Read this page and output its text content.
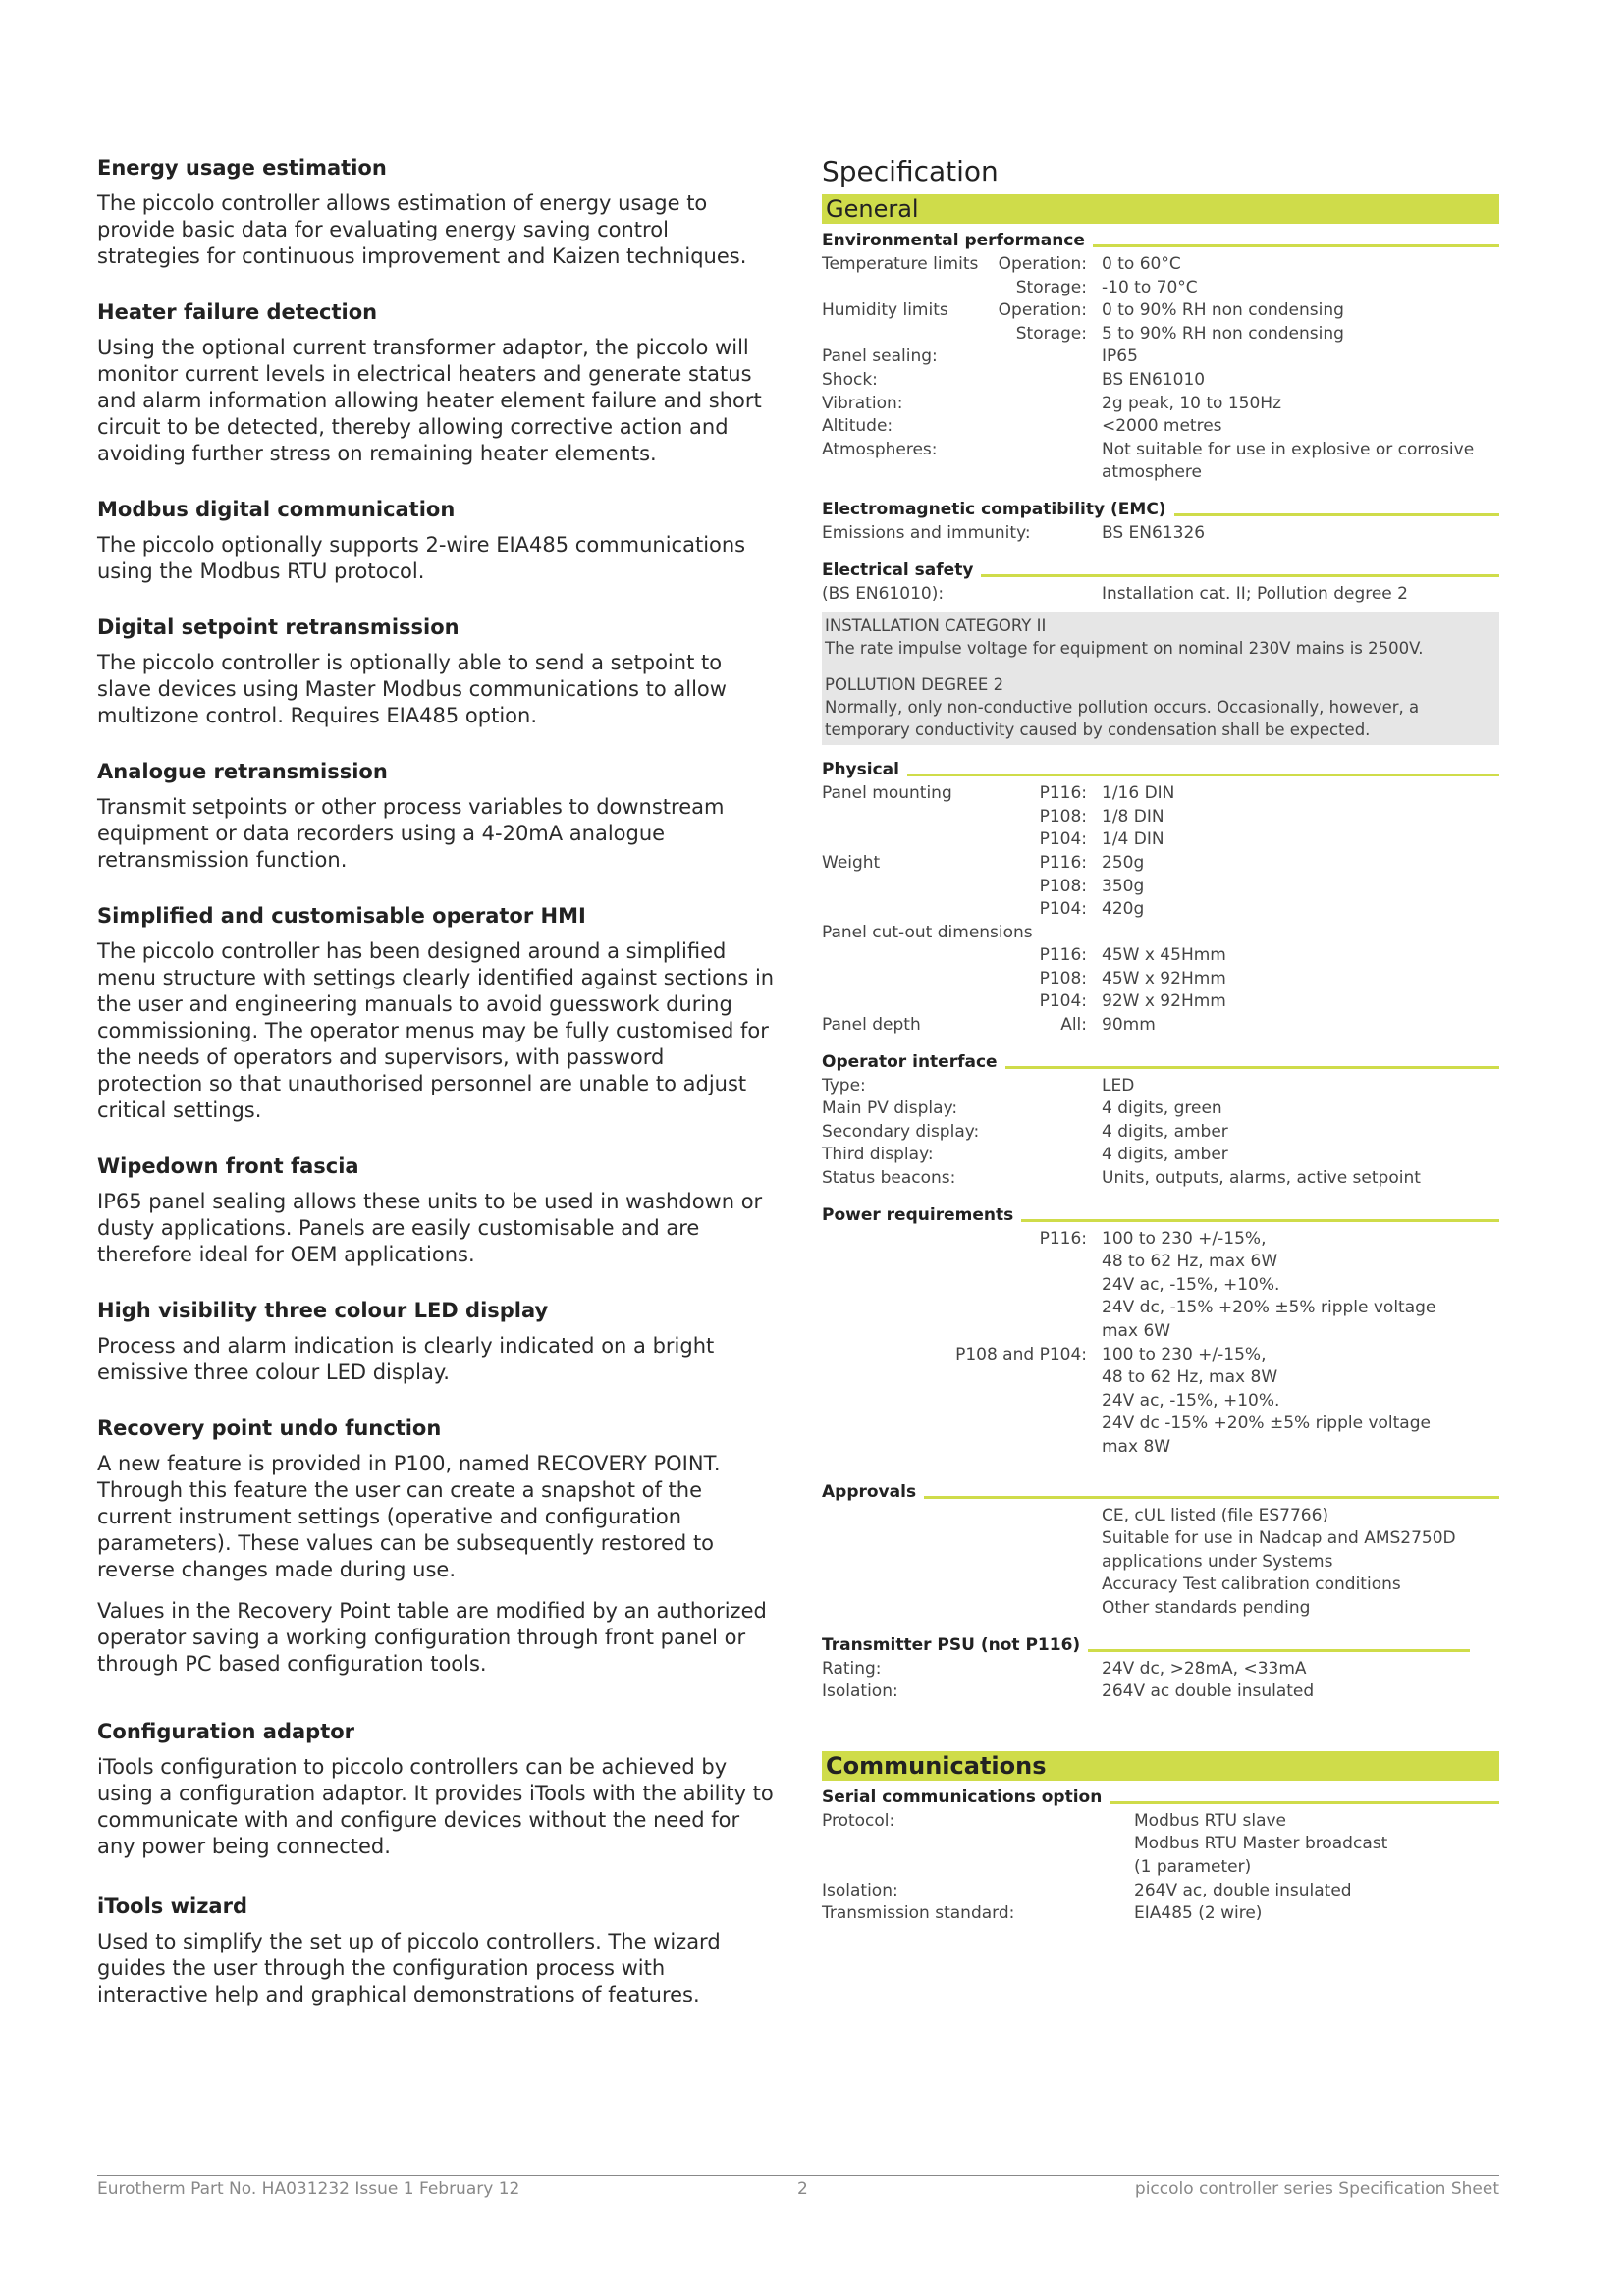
Energy usage estimation

The piccolo controller allows estimation of energy usage to provide basic data for evaluating energy saving control strategies for continuous improvement and Kaizen techniques.

Heater failure detection

Using the optional current transformer adaptor, the piccolo will monitor current levels in electrical heaters and generate status and alarm information allowing heater element failure and short circuit to be detected, thereby allowing corrective action and avoiding further stress on remaining heater elements.

Modbus digital communication

The piccolo optionally supports 2-wire EIA485 communications using the Modbus RTU protocol.

Digital setpoint retransmission

The piccolo controller is optionally able to send a setpoint to slave devices using Master Modbus communications to allow multizone control. Requires EIA485 option.

Analogue retransmission

Transmit setpoints or other process variables to downstream equipment or data recorders using a 4-20mA analogue retransmission function.

Simplified and customisable operator HMI

The piccolo controller has been designed around a simplified menu structure with settings clearly identified against sections in the user and engineering manuals to avoid guesswork during commissioning. The operator menus may be fully customised for the needs of operators and supervisors, with password protection so that unauthorised personnel are unable to adjust critical settings.

Wipedown front fascia

IP65 panel sealing allows these units to be used in washdown or dusty applications. Panels are easily customisable and are therefore ideal for OEM applications.

High visibility three colour LED display

Process and alarm indication is clearly indicated on a bright emissive three colour LED display.

Recovery point undo function

A new feature is provided in P100, named RECOVERY POINT. Through this feature the user can create a snapshot of the current instrument settings (operative and configuration parameters). These values can be subsequently restored to reverse changes made during use.

Values in the Recovery Point table are modified by an authorized operator saving a working configuration through front panel or through PC based configuration tools.

Configuration adaptor

iTools configuration to piccolo controllers can be achieved by using a configuration adaptor. It provides iTools with the ability to communicate with and configure devices without the need for any power being connected.

iTools wizard

Used to simplify the set up of piccolo controllers. The wizard guides the user through the configuration process with interactive help and graphical demonstrations of features.

Specification
General
Environmental performance
Temperature limits Operation: 0 to 60°C
Storage: -10 to 70°C
Humidity limits	Operation: 0 to 90% RH non condensing
Storage: 5 to 90% RH non condensing
Panel sealing:	IP65
Shock:	BS EN61010
Vibration:	2g peak, 10 to 150Hz
Altitude:	<2000 metres
Atmospheres:	Not suitable for use in explosive or corrosive atmosphere
Electromagnetic compatibility (EMC)
Emissions and immunity:	BS EN61326
Electrical safety
(BS EN61010):	Installation cat. II; Pollution degree 2
INSTALLATION CATEGORY II
The rate impulse voltage for equipment on nominal 230V mains is 2500V.
POLLUTION DEGREE 2
Normally, only non-conductive pollution occurs. Occasionally, however, a temporary conductivity caused by condensation shall be expected.
Physical
Panel mounting	P116: 1/16 DIN
P108: 1/8 DIN
P104: 1/4 DIN
Weight	P116: 250g
P108: 350g
P104: 420g
Panel cut-out dimensions
P116: 45W x 45Hmm
P108: 45W x 92Hmm
P104: 92W x 92Hmm
Panel depth	All: 90mm
Operator interface
Type:	LED
Main PV display:	4 digits, green
Secondary display:	4 digits, amber
Third display:	4 digits, amber
Status beacons:	Units, outputs, alarms, active setpoint
Power requirements
P116: 100 to 230 +/-15%,
48 to 62 Hz, max 6W
24V ac, -15%, +10%.
24V dc, -15% +20% ±5% ripple voltage
max 6W
P108 and P104: 100 to 230 +/-15%,
48 to 62 Hz, max 8W
24V ac, -15%, +10%.
24V dc -15% +20% ±5% ripple voltage
max 8W
Approvals
CE, cUL listed (file ES7766)
Suitable for use in Nadcap and AMS2750D
applications under Systems
Accuracy Test calibration conditions
Other standards pending
Transmitter PSU (not P116)
Rating:	24V dc, >28mA, <33mA
Isolation:	264V ac double insulated
Communications
Serial communications option
Protocol:	Modbus RTU slave
Modbus RTU Master broadcast
(1 parameter)
Isolation:	264V ac, double insulated
Transmission standard:	EIA485 (2 wire)
Eurotherm Part No. HA031232 Issue 1 February 12	2	piccolo controller series Specification Sheet
